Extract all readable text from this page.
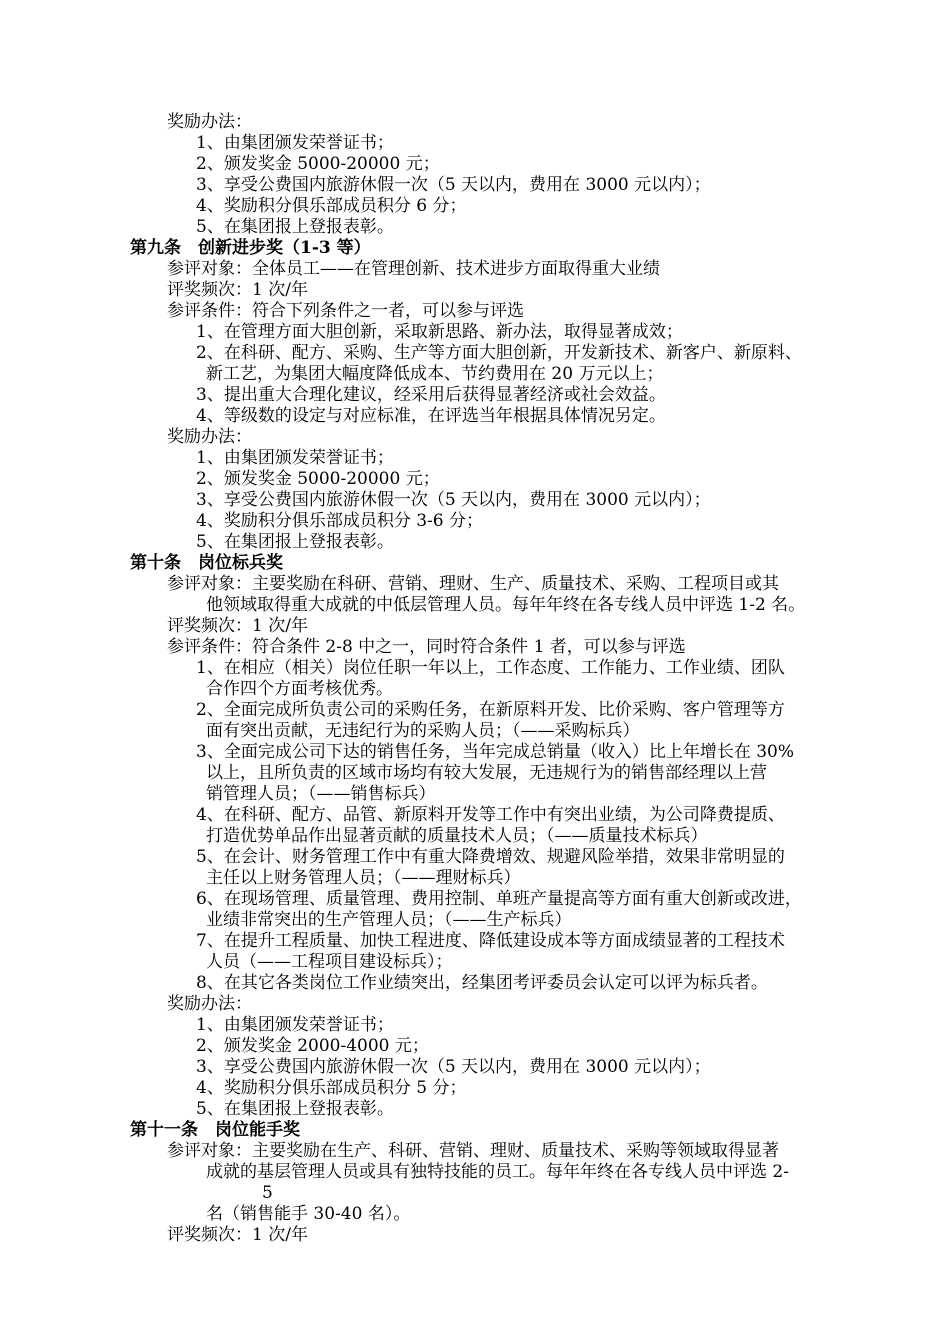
奖励办法：

1、由集团颁发荣誉证书；

2、颁发奖金 5000-20000 元；

3、享受公费国内旅游休假一次（5 天以内，费用在 3000 元以内）；

4、奖励积分俱乐部成员积分 6 分；

5、在集团报上登报表彰。

第九条　创新进步奖（1-3 等）

参评对象：全体员工——在管理创新、技术进步方面取得重大业绩

评奖频次：1 次/年

参评条件：符合下列条件之一者，可以参与评选

1、在管理方面大胆创新，采取新思路、新办法，取得显著成效；

2、在科研、配方、采购、生产等方面大胆创新，开发新技术、新客户、新原料、

新工艺，为集团大幅度降低成本、节约费用在 20 万元以上；

3、提出重大合理化建议，经采用后获得显著经济或社会效益。

4、等级数的设定与对应标准，在评选当年根据具体情况另定。

奖励办法：

1、由集团颁发荣誉证书；

2、颁发奖金 5000-20000 元；

3、享受公费国内旅游休假一次（5 天以内，费用在 3000 元以内）；

4、奖励积分俱乐部成员积分 3-6 分；

5、在集团报上登报表彰。

第十条　岗位标兵奖

参评对象：主要奖励在科研、营销、理财、生产、质量技术、采购、工程项目或其

他领域取得重大成就的中低层管理人员。每年年终在各专线人员中评选 1-2 名。

评奖频次：1 次/年

参评条件：符合条件 2-8 中之一，同时符合条件 1 者，可以参与评选

1、在相应（相关）岗位任职一年以上，工作态度、工作能力、工作业绩、团队

合作四个方面考核优秀。

2、全面完成所负责公司的采购任务，在新原料开发、比价采购、客户管理等方

面有突出贡献，无违纪行为的采购人员；（——采购标兵）

3、全面完成公司下达的销售任务，当年完成总销量（收入）比上年增长在 30%

以上，且所负责的区域市场均有较大发展，无违规行为的销售部经理以上营

销管理人员；（——销售标兵）

4、在科研、配方、品管、新原料开发等工作中有突出业绩，为公司降费提质、

打造优势单品作出显著贡献的质量技术人员；（——质量技术标兵）

5、在会计、财务管理工作中有重大降费增效、规避风险举措，效果非常明显的

主任以上财务管理人员；（——理财标兵）

6、在现场管理、质量管理、费用控制、单班产量提高等方面有重大创新或改进，

业绩非常突出的生产管理人员；（——生产标兵）

7、在提升工程质量、加快工程进度、降低建设成本等方面成绩显著的工程技术

人员（——工程项目建设标兵）；

8、在其它各类岗位工作业绩突出，经集团考评委员会认定可以评为标兵者。

奖励办法：

1、由集团颁发荣誉证书；

2、颁发奖金 2000-4000 元；

3、享受公费国内旅游休假一次（5 天以内，费用在 3000 元以内）；

4、奖励积分俱乐部成员积分 5 分；

5、在集团报上登报表彰。

第十一条　岗位能手奖

参评对象：主要奖励在生产、科研、营销、理财、质量技术、采购等领域取得显著

成就的基层管理人员或具有独特技能的员工。每年年终在各专线人员中评选 2-

5

名（销售能手 30-40 名）。

评奖频次：1 次/年
